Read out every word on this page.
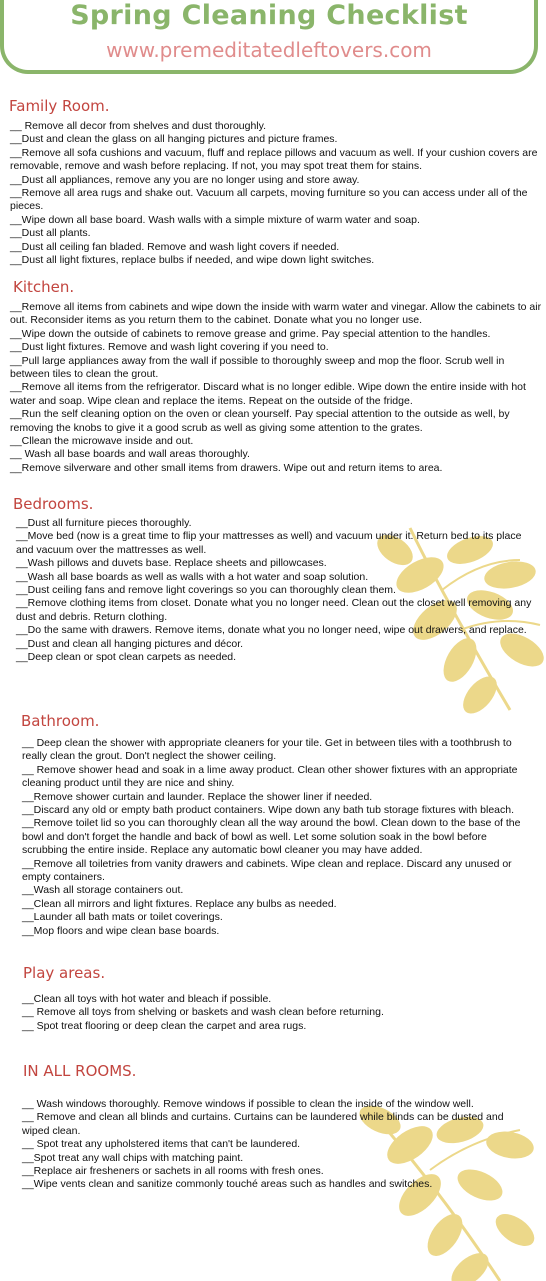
Spring Cleaning Checklist
www.premeditatedleftovers.com
Family Room.
__ Remove all decor from shelves and dust thoroughly.
__Dust and clean the glass on all hanging pictures and picture frames.
__Remove all sofa cushions and vacuum, fluff and replace pillows and vacuum as well. If your cushion covers are removable, remove and wash before replacing. If not, you may spot treat them for stains.
__Dust all appliances, remove any you are no longer using and store away.
__Remove all area rugs and shake out. Vacuum all carpets, moving furniture so you can access under all of the pieces.
__Wipe down all base board. Wash walls with a simple mixture of warm water and soap.
__Dust all plants.
__Dust all ceiling fan bladed. Remove and wash light covers if needed.
__Dust all light fixtures, replace bulbs if needed, and wipe down light switches.
Kitchen.
__Remove all items from cabinets and wipe down the inside with warm water and vinegar. Allow the cabinets to air out. Reconsider items as you return them to the cabinet. Donate what you no longer use.
__Wipe down the outside of cabinets to remove grease and grime. Pay special attention to the handles.
__Dust light fixtures. Remove and wash light covering if you need to.
__Pull large appliances away from the wall if possible to thoroughly sweep and mop the floor. Scrub well in between tiles to clean the grout.
__Remove all items from the refrigerator. Discard what is no longer edible. Wipe down the entire inside with hot water and soap. Wipe clean and replace the items. Repeat on the outside of the fridge.
__Run the self cleaning option on the oven or clean yourself. Pay special attention to the outside as well, by removing the knobs to give it a good scrub as well as giving some attention to the grates.
__Cllean the microwave inside and out.
__ Wash all base boards and wall areas thoroughly.
__Remove silverware and other small items from drawers. Wipe out and return items to area.
Bedrooms.
__Dust all furniture pieces thoroughly.
__Move bed (now is a great time to flip your mattresses as well) and vacuum under it. Return bed to its place and vacuum over the mattresses as well.
__Wash pillows and duvets base. Replace sheets and pillowcases.
__Wash all base boards as well as walls with a hot water and soap solution.
__Dust ceiling fans and remove light coverings so you can thoroughly clean them.
__Remove clothing items from closet. Donate what you no longer need. Clean out the closet well removing any dust and debris. Return clothing.
__Do the same with drawers. Remove items, donate what you no longer need, wipe out drawers, and replace.
__Dust and clean all hanging pictures and décor.
__Deep clean or spot clean carpets as needed.
Bathroom.
__ Deep clean the shower with appropriate cleaners for your tile. Get in between tiles with a toothbrush to really clean the grout. Don't neglect the shower ceiling.
__ Remove shower head and soak in a lime away product. Clean other shower fixtures with an appropriate cleaning product until they are nice and shiny.
__Remove shower curtain and launder. Replace the shower liner if needed.
__Discard any old or empty bath product containers. Wipe down any bath tub storage fixtures with bleach.
__Remove toilet lid so you can thoroughly clean all the way around the bowl. Clean down to the base of the bowl and don't forget the handle and back of bowl as well. Let some solution soak in the bowl before scrubbing the entire inside. Replace any automatic bowl cleaner you may have added.
__Remove all toiletries from vanity drawers and cabinets. Wipe clean and replace. Discard any unused or empty containers.
__Wash all storage containers out.
__Clean all mirrors and light fixtures. Replace any bulbs as needed.
__Launder all bath mats or toilet coverings.
__Mop floors and wipe clean base boards.
Play areas.
__Clean all toys with hot water and bleach if possible.
__ Remove all toys from shelving or baskets and wash clean before returning.
__ Spot treat flooring or deep clean the carpet and area rugs.
IN ALL ROOMS.
__ Wash windows thoroughly. Remove windows if possible to clean the inside of the window well.
__ Remove and clean all blinds and curtains. Curtains can be laundered while blinds can be dusted and wiped clean.
__ Spot treat any upholstered items that can't be laundered.
__Spot treat any wall chips with matching paint.
__Replace air fresheners or sachets in all rooms with fresh ones.
__Wipe vents clean and sanitize commonly touché areas such as handles and switches.
